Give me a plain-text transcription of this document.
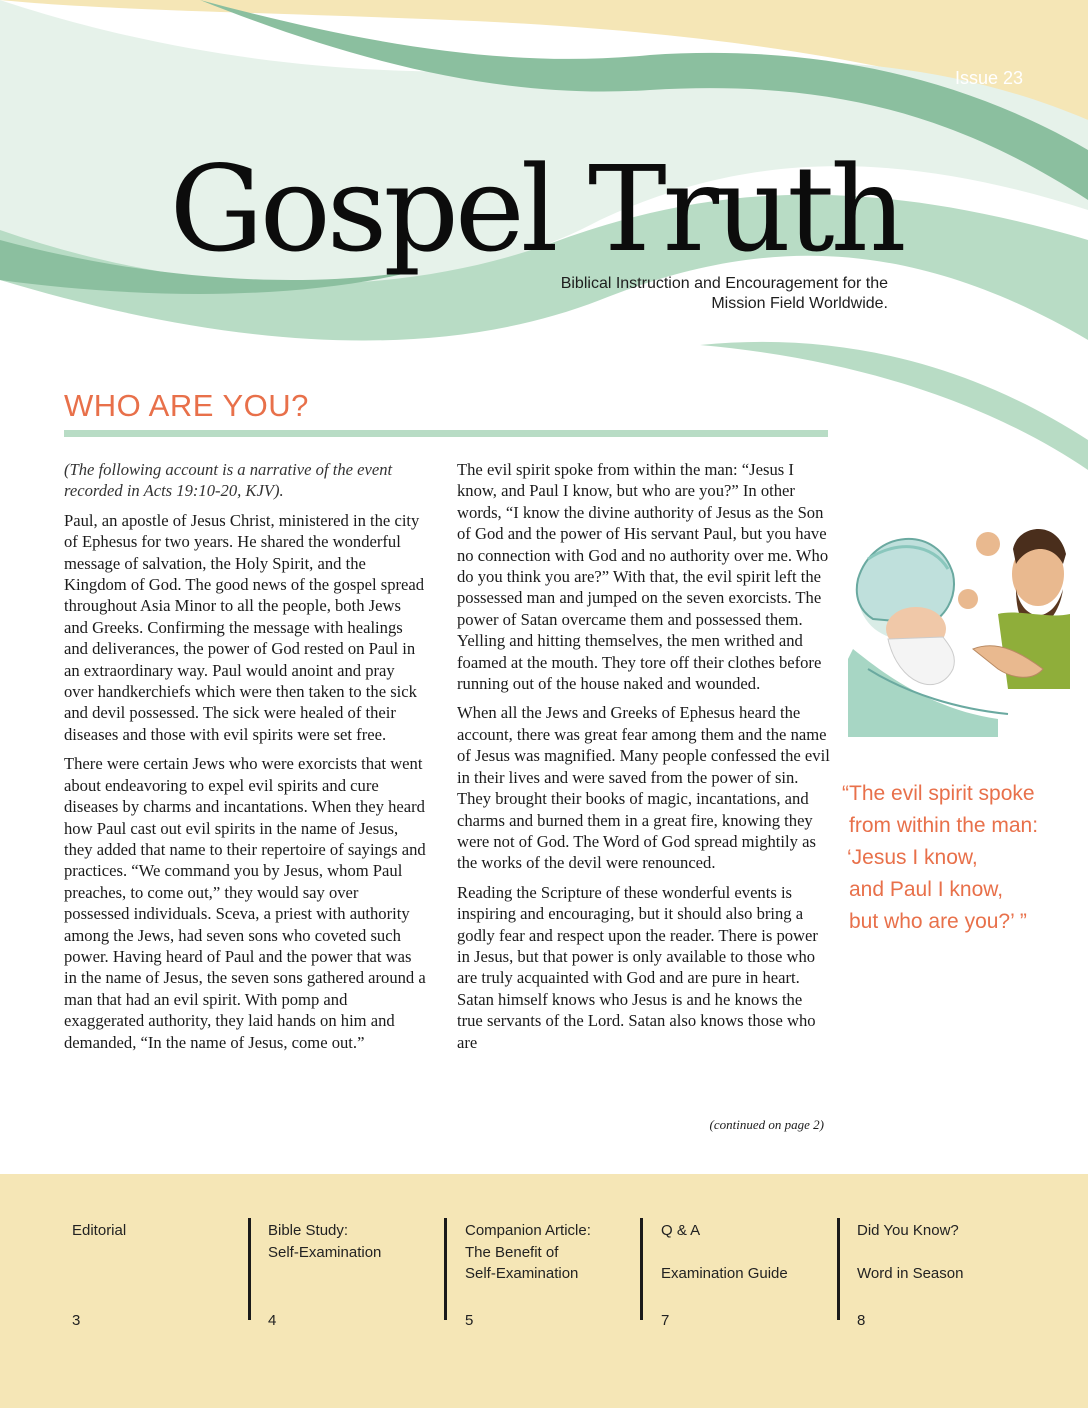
Issue 23
Gospel Truth
Biblical Instruction and Encouragement for the
Mission Field Worldwide.
WHO ARE YOU?

(The following account is a narrative of the event recorded in Acts 19:10-20, KJV).

Paul, an apostle of Jesus Christ, ministered in the city of Ephesus for two years. He shared the wonderful message of salvation, the Holy Spirit, and the Kingdom of God. The good news of the gospel spread throughout Asia Minor to all the people, both Jews and Greeks. Confirming the message with healings and deliverances, the power of God rested on Paul in an extraordinary way. Paul would anoint and pray over handkerchiefs which were then taken to the sick and devil possessed. The sick were healed of their diseases and those with evil spirits were set free.

There were certain Jews who were exorcists that went about endeavoring to expel evil spirits and cure diseases by charms and incantations. When they heard how Paul cast out evil spirits in the name of Jesus, they added that name to their repertoire of sayings and practices. “We command you by Jesus, whom Paul preaches, to come out,” they would say over possessed individuals. Sceva, a priest with authority among the Jews, had seven sons who coveted such power. Having heard of Paul and the power that was in the name of Jesus, the seven sons gathered around a man that had an evil spirit. With pomp and exaggerated authority, they laid hands on him and demanded, “In the name of Jesus, come out.”

The evil spirit spoke from within the man: “Jesus I know, and Paul I know, but who are you?” In other words, “I know the divine authority of Jesus as the Son of God and the power of His servant Paul, but you have no connection with God and no authority over me. Who do you think you are?” With that, the evil spirit left the possessed man and jumped on the seven exorcists. The power of Satan overcame them and possessed them. Yelling and hitting themselves, the men writhed and foamed at the mouth. They tore off their clothes before running out of the house naked and wounded.

When all the Jews and Greeks of Ephesus heard the account, there was great fear among them and the name of Jesus was magnified. Many people confessed the evil in their lives and were saved from the power of sin. They brought their books of magic, incantations, and charms and burned them in a great fire, knowing they were not of God. The Word of God spread mightily as the works of the devil were renounced.

Reading the Scripture of these wonderful events is inspiring and encouraging, but it should also bring a godly fear and respect upon the reader. There is power in Jesus, but that power is only available to those who are truly acquainted with God and are pure in heart. Satan himself knows who Jesus is and he knows the true servants of the Lord. Satan also knows those who are

(continued on page 2)
“The evil spirit spoke
from within the man:
‘Jesus I know,
and Paul I know,
but who are you?’ ”
Editorial
3
Bible Study:
Self-Examination
4
Companion Article:
The Benefit of
Self-Examination
5
Q & A
Examination Guide
7
Did You Know?
Word in Season
8
